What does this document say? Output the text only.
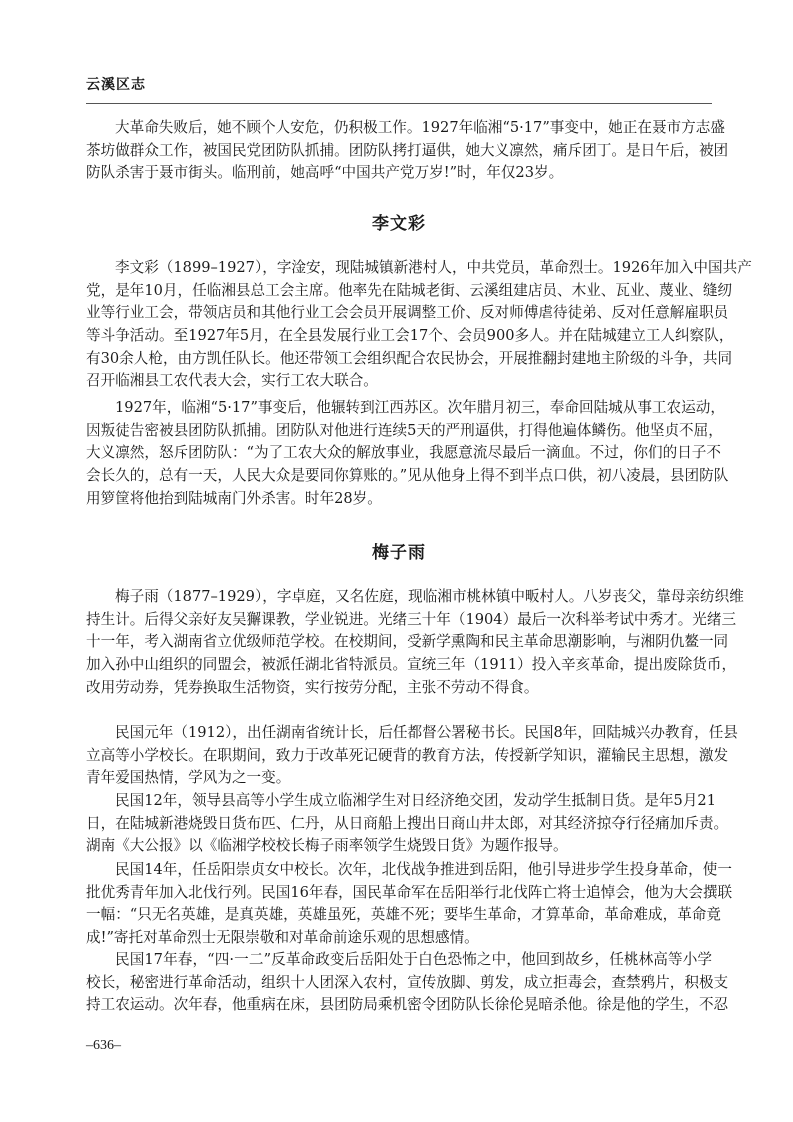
云溪区志
大革命失败后，她不顾个人安危，仍积极工作。1927年临湘“5·17”事变中，她正在聂市方志盛
茶坊做群众工作，被国民党团防队抓捕。团防队拷打逼供，她大义凛然，痛斥团丁。是日午后，被团
防队杀害于聂市街头。临刑前，她高呼“中国共产党万岁!”时，年仅23岁。
李文彩
李文彩（1899–1927），字淦安，现陆城镇新港村人，中共党员，革命烈士。1926年加入中国共产
党，是年10月，任临湘县总工会主席。他率先在陆城老街、云溪组建店员、木业、瓦业、蔑业、缝纫
业等行业工会，带领店员和其他行业工会会员开展调整工价、反对师傅虐待徒弟、反对任意解雇职员
等斗争活动。至1927年5月，在全县发展行业工会17个、会员900多人。并在陆城建立工人纠察队，
有30余人枪，由方凯任队长。他还带领工会组织配合农民协会，开展推翻封建地主阶级的斗争，共同
召开临湘县工农代表大会，实行工农大联合。
1927年，临湘“5·17”事变后，他辗转到江西苏区。次年腊月初三，奉命回陆城从事工农运动，
因叛徒告密被县团防队抓捕。团防队对他进行连续5天的严刑逼供，打得他遍体鳞伤。他坚贞不屈，
大义凛然，怒斥团防队：“为了工农大众的解放事业，我愿意流尽最后一滴血。不过，你们的日子不
会长久的，总有一天，人民大众是要同你算账的。”见从他身上得不到半点口供，初八凌晨，县团防队
用箩筐将他抬到陆城南门外杀害。时年28岁。
梅子雨
梅子雨（1877–1929），字卓庭，又名佐庭，现临湘市桃林镇中畈村人。八岁丧父，靠母亲纺织维
持生计。后得父亲好友吴獬课教，学业锐进。光绪三十年（1904）最后一次科举考试中秀才。光绪三
十一年，考入湖南省立优级师范学校。在校期间，受新学熏陶和民主革命思潮影响，与湘阴仇鳌一同
加入孙中山组织的同盟会，被派任湖北省特派员。宣统三年（1911）投入辛亥革命，提出废除货币，
改用劳动券，凭券换取生活物资，实行按劳分配，主张不劳动不得食。
民国元年（1912），出任湖南省统计长，后任都督公署秘书长。民国8年，回陆城兴办教育，任县
立高等小学校长。在职期间，致力于改革死记硬背的教育方法，传授新学知识，灌输民主思想，激发
青年爱国热情，学风为之一变。
民国12年，领导县高等小学生成立临湘学生对日经济绝交团，发动学生抵制日货。是年5月21
日，在陆城新港烧毁日货布匹、仁丹，从日商船上搜出日商山井太郎，对其经济掠夺行径痛加斥责。
湖南《大公报》以《临湘学校校长梅子雨率领学生烧毁日货》为题作报导。
民国14年，任岳阳崇贞女中校长。次年，北伐战争推进到岳阳，他引导进步学生投身革命，使一
批优秀青年加入北伐行列。民国16年春，国民革命军在岳阳举行北伐阵亡将士追悼会，他为大会撰联
一幅：“只无名英雄，是真英雄，英雄虽死，英雄不死；要毕生革命，才算革命，革命难成，革命竟
成!”寄托对革命烈士无限崇敬和对革命前途乐观的思想感情。
民国17年春，“四·一二”反革命政变后岳阳处于白色恐怖之中，他回到故乡，任桃林高等小学
校长，秘密进行革命活动，组织十人团深入农村，宣传放脚、剪发，成立拒毒会，查禁鸦片，积极支
持工农运动。次年春，他重病在床，县团防局乘机密令团防队长徐伦晃暗杀他。徐是他的学生，不忍
–636–
